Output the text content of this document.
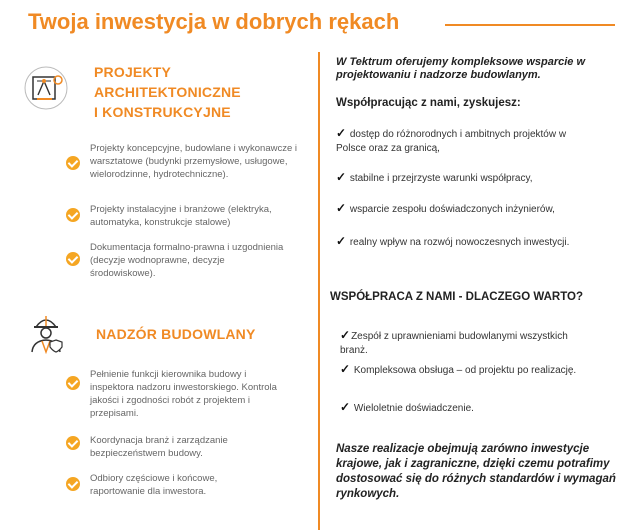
Twoja inwestycja w dobrych rękach
PROJEKTY
ARCHITEKTONICZNE
I KONSTRUKCYJNE
Projekty koncepcyjne, budowlane i wykonawcze i warsztatowe (budynki przemysłowe, usługowe, wielorodzinne, hydrotechniczne).
Projekty instalacyjne i branżowe (elektryka, automatyka, konstrukcje stalowe)
Dokumentacja formalno-prawna i uzgodnienia (decyzje wodnoprawne, decyzje środowiskowe).
NADZÓR BUDOWLANY
Pełnienie funkcji kierownika budowy i inspektora nadzoru inwestorskiego. Kontrola jakości i zgodności robót z projektem i przepisami.
Koordynacja branż i zarządzanie bezpieczeństwem budowy.
Odbiory częściowe i końcowe, raportowanie dla inwestora.
W Tektrum oferujemy kompleksowe wsparcie w projektowaniu i nadzorze budowlanym.
Współpracując z nami, zyskujesz:
✓ dostęp do różnorodnych i ambitnych projektów w Polsce oraz za granicą,
✓ stabilne i przejrzyste warunki współpracy,
✓ wsparcie zespołu doświadczonych inżynierów,
✓ realny wpływ na rozwój nowoczesnych inwestycji.
WSPÓŁPRACA Z NAMI - DLACZEGO WARTO?
✓Zespół z uprawnieniami budowlanymi wszystkich branż.
✓ Kompleksowa obsługa – od projektu po realizację.
✓ Wieloletnie doświadczenie.
Nasze realizacje obejmują zarówno inwestycje krajowe, jak i zagraniczne, dzięki czemu potrafimy dostosować się do różnych standardów i wymagań rynkowych.
